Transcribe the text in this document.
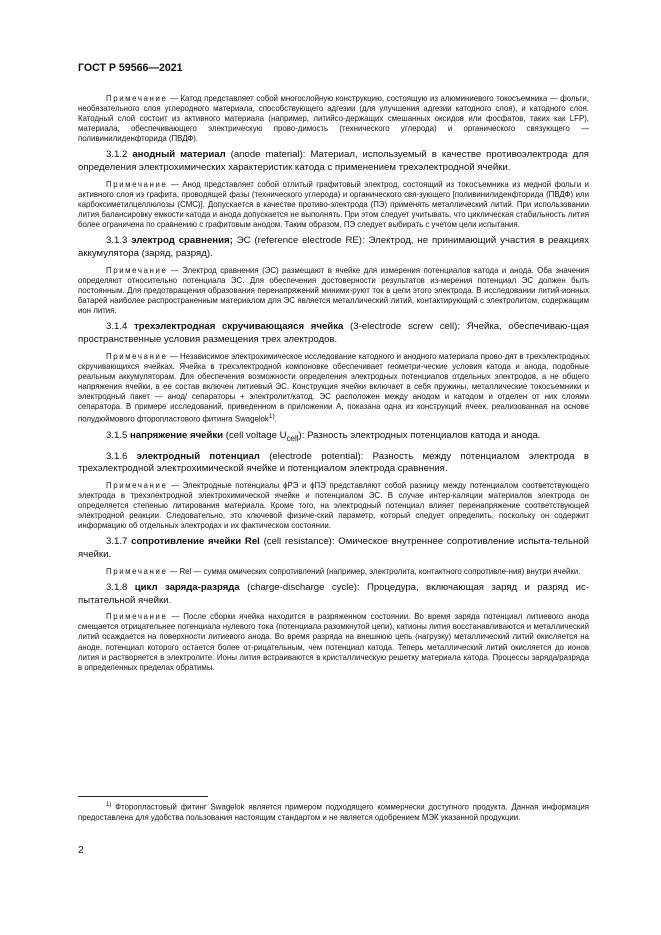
ГОСТ Р 59566—2021

Примечание — Катод представляет собой многослойную конструкцию, состоящую из алюминиевого токосъемника — фольги, необязательного слоя углеродного материала, способствующего адгезии (для улучшения адгезии катодного слоя), и катодного слоя. Катодный слой состоит из активного материала (например, литийсо-держащих смешанных оксидов или фосфатов, таких как LFP), материала, обеспечивающего электрическую прово-димость (технического углерода) и органического связующего — поливинилиденфторида (ПВДФ).

3.1.2 анодный материал (anode material): Материал, используемый в качестве противоэлектрода для определения электрохимических характеристик катода с применением трехэлектродной ячейки.

Примечание — Анод представляет собой отлитый графитовый электрод, состоящий из токосъемника из медной фольги и активного слоя из графита, проводящей фазы (технического углерода) и органического свя-зующего [поливинилиденфторида (ПВДФ) или карбоксиметилцеллюлозы (СМС)]. Допускается в качестве противо-электрода (ПЭ) применять металлический литий. При использовании лития балансировку емкости катода и анода допускается не выполнять. При этом следует учитывать, что циклическая стабильность лития более ограничена по сравнению с графитовым анодом. Таким образом, ПЭ следует выбирать с учетом цели испытания.

3.1.3 электрод сравнения; ЭС (reference electrode RE): Электрод, не принимающий участия в реакциях аккумулятора (заряд, разряд).

Примечание — Электрод сравнения (ЭС) размещают в ячейке для измерения потенциалов катода и анода. Оба значения определяют относительно потенциала ЭС. Для обеспечения достоверности результатов из-мерения потенциал ЭС должен быть постоянным. Для предотвращения образования перенапряжений миними-руют ток в цепи этого электрода. В исследовании литий-ионных батарей наиболее распространенным материалом для ЭС является металлический литий, контактирующий с электролитом, содержащим ион лития.

3.1.4 трехэлектродная скручивающаяся ячейка (3-electrode screw cell): Ячейка, обеспечиваю-щая пространственные условия размещения трех электродов.

Примечание — Независимое электрохимическое исследование катодного и анодного материала прово-дят в трехэлектродных скручивающихся ячейках. Ячейка в трехэлектродной компоновке обеспечивает геометри-ческие условия катода и анода, подобные реальным аккумуляторам. Для обеспечения возможности определения электродных потенциалов отдельных электродов, а не общего напряжения ячейки, в ее состав включен литиевый ЭС. Конструкция ячейки включает в себя пружины, металлические токосъемники и электродный пакет — анод/ сепараторы + электролит/катод. ЭС расположен между анодом и катодом и отделен от них слоями сепаратора. В примере исследований, приведенном в приложении А, показана одна из конструкций ячеек, реализованная на основе полудюймового фторопластового фитинга Swagelok$^{1)}$.

3.1.5 напряжение ячейки (cell voltage $U_{cell}$): Разность электродных потенциалов катода и анода.

3.1.6 электродный потенциал (electrode potential): Разность между потенциалом электрода в трехэлектродной электрохимической ячейке и потенциалом электрода сравнения.

Примечание — Электродные потенциалы ϕРЭ и ϕПЭ представляют собой разницу между потенциалом соответствующего электрода в трехэлектродной электрохимической ячейке и потенциалом ЭС. В случае интер-каляции материалов электрода он определяется степенью литирования материала. Кроме того, на электродный потенциал влияет перенапряжение соответствующей электродной реакции. Следовательно, это ключевой физиче-ский параметр, который следует определить, поскольку он содержит информацию об отдельных электродах и их фактическом состоянии.

3.1.7 сопротивление ячейки Rel (cell resistance): Омическое внутреннее сопротивление испыта-тельной ячейки.

Примечание — Rel — сумма омических сопротивлений (например, электролита, контактного сопротивле-ния) внутри ячейки.

3.1.8 цикл заряда-разряда (charge-discharge cycle): Процедура, включающая заряд и разряд ис-пытательной ячейки.

Примечание — После сборки ячейка находится в разряженном состоянии. Во время заряда потенциал литиевого анода смещается отрицательнее потенциала нулевого тока (потенциала разомкнутой цепи), катионы лития восстанавливаются и металлический литий осаждается на поверхности литиевого анода. Во время разряда на внешнюю цепь (нагрузку) металлический литий окисляется на аноде, потенциал которого остается более от-рицательным, чем потенциал катода. Теперь металлический литий окисляется до ионов лития и растворяется в электролите. Ионы лития встраиваются в кристаллическую решетку материала катода. Процессы заряда/разряда в определенных пределах обратимы.

$^{1)}$ Фторопластовый фитинг Swagelok является примером подходящего коммерчески доступного продукта. Данная информация предоставлена для удобства пользования настоящим стандартом и не является одобрением МЭК указанной продукции.

2
